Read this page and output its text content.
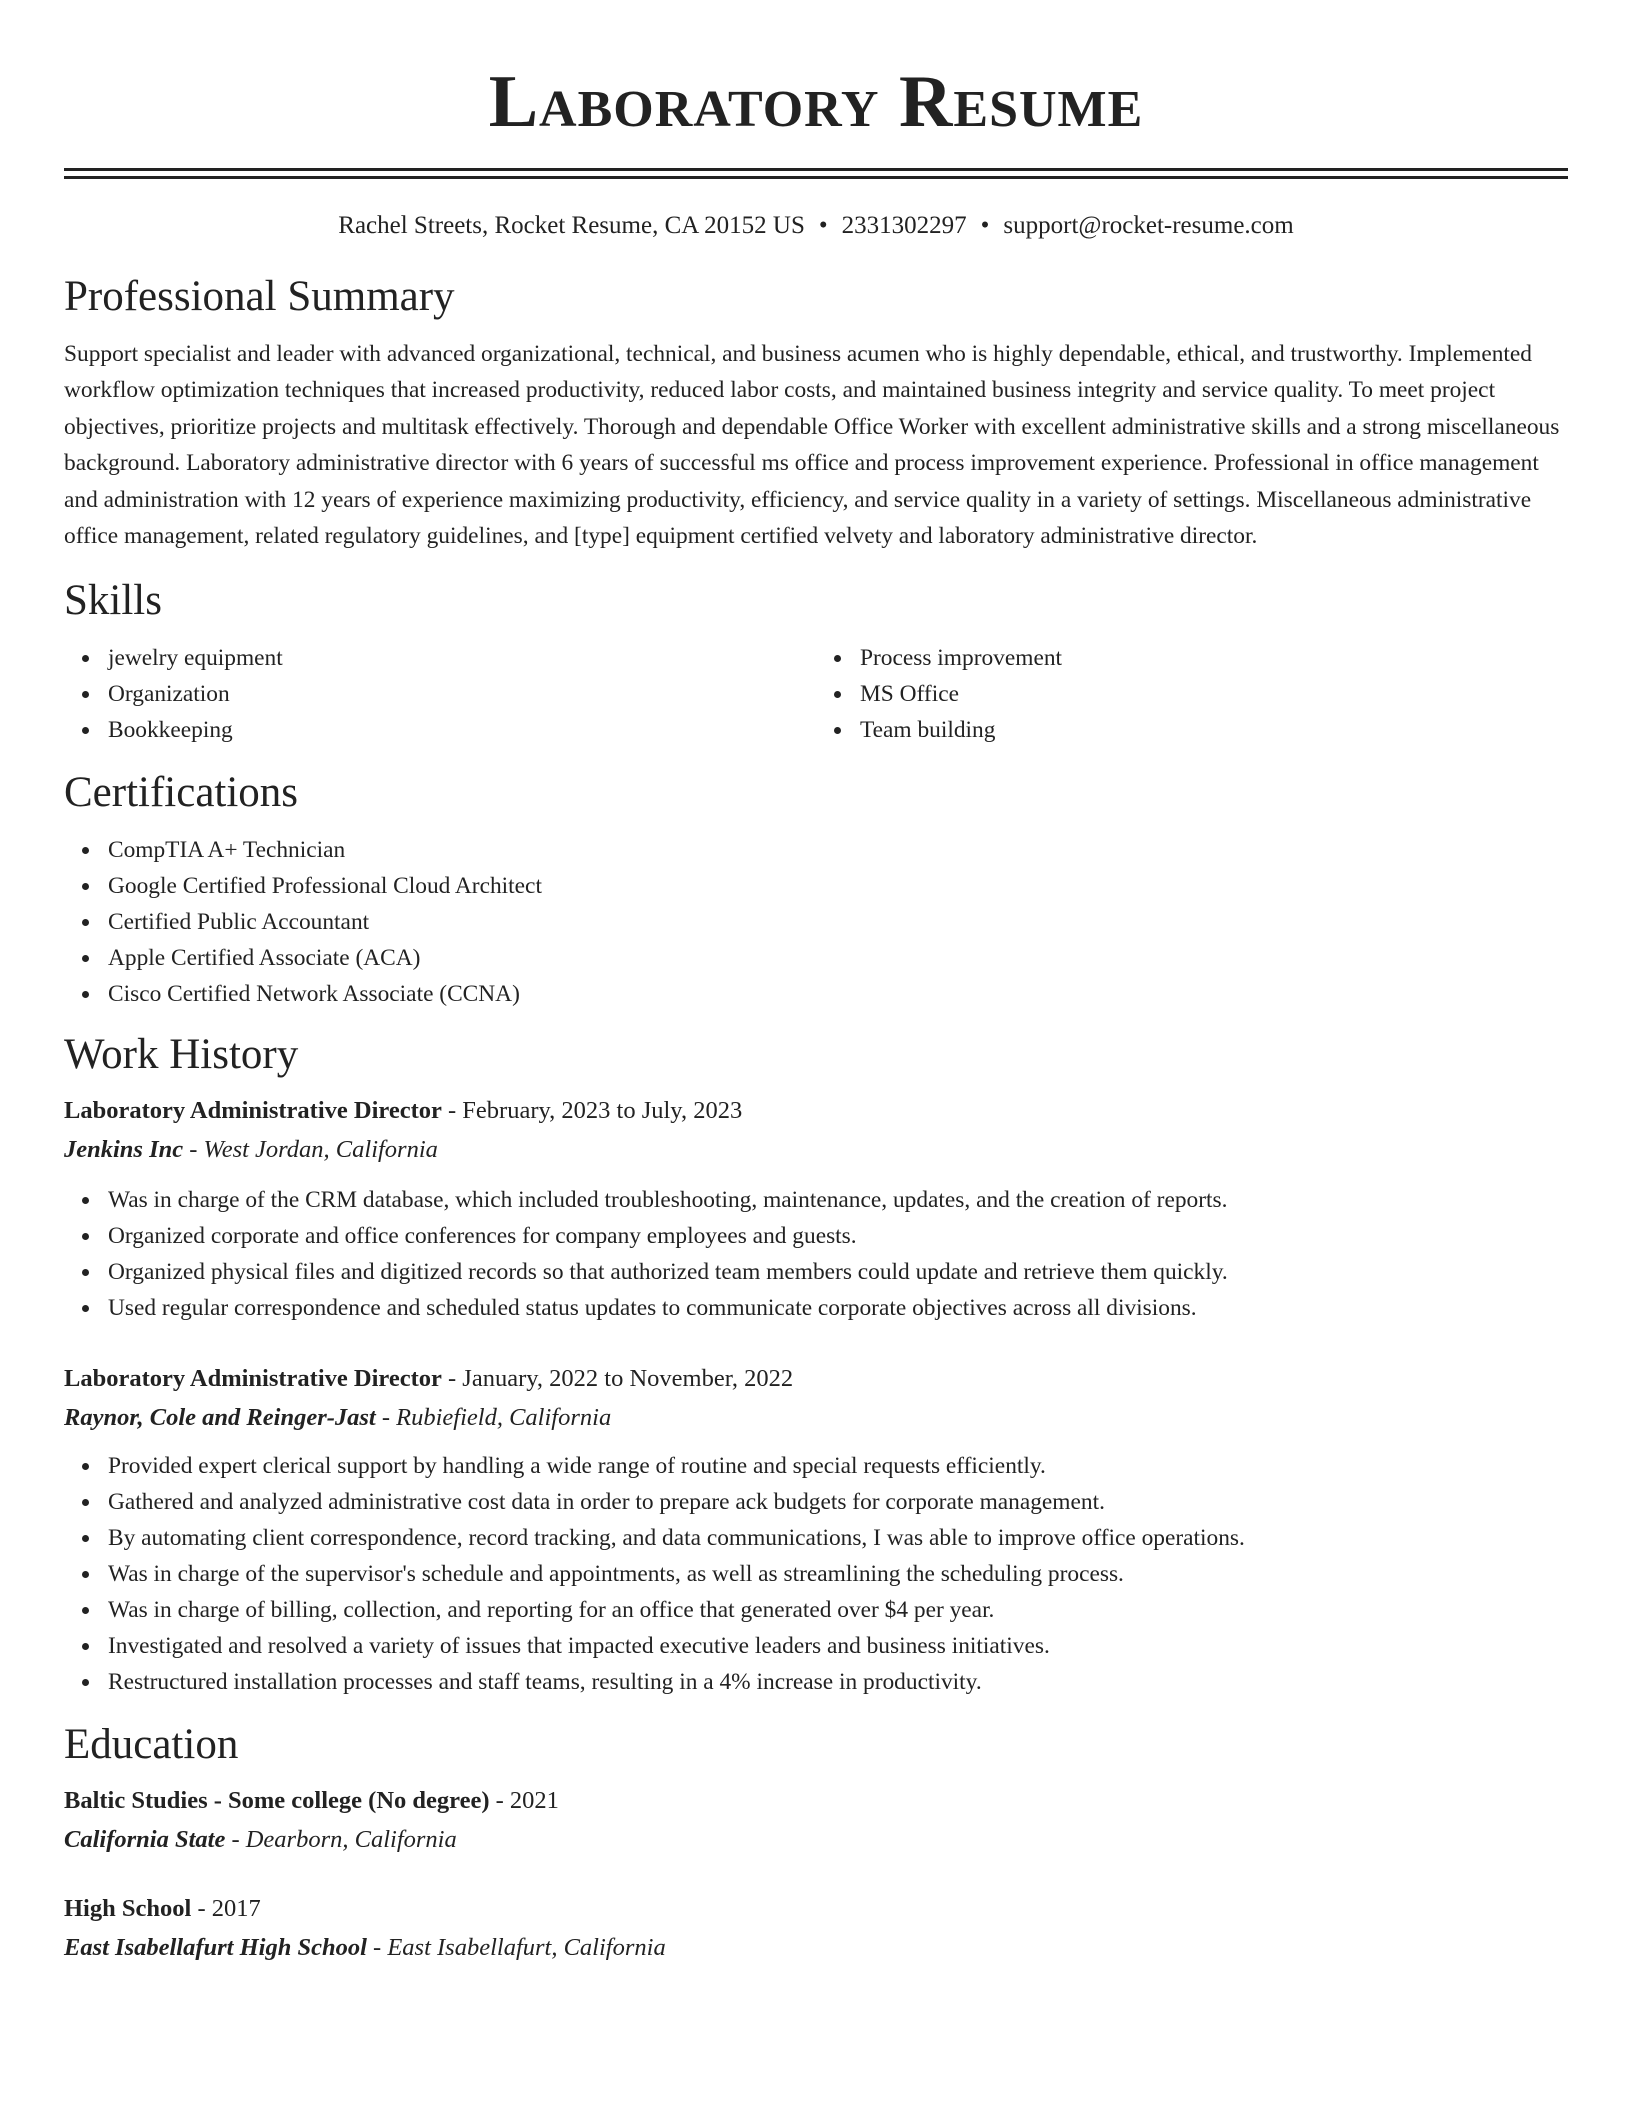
Laboratory Resume
Rachel Streets, Rocket Resume, CA 20152 US • 2331302297 • support@rocket-resume.com
Professional Summary
Support specialist and leader with advanced organizational, technical, and business acumen who is highly dependable, ethical, and trustworthy. Implemented workflow optimization techniques that increased productivity, reduced labor costs, and maintained business integrity and service quality. To meet project objectives, prioritize projects and multitask effectively. Thorough and dependable Office Worker with excellent administrative skills and a strong miscellaneous background. Laboratory administrative director with 6 years of successful ms office and process improvement experience. Professional in office management and administration with 12 years of experience maximizing productivity, efficiency, and service quality in a variety of settings. Miscellaneous administrative office management, related regulatory guidelines, and [type] equipment certified velvety and laboratory administrative director.
Skills
jewelry equipment
Organization
Bookkeeping
Process improvement
MS Office
Team building
Certifications
CompTIA A+ Technician
Google Certified Professional Cloud Architect
Certified Public Accountant
Apple Certified Associate (ACA)
Cisco Certified Network Associate (CCNA)
Work History
Laboratory Administrative Director - February, 2023 to July, 2023
Jenkins Inc - West Jordan, California
Was in charge of the CRM database, which included troubleshooting, maintenance, updates, and the creation of reports.
Organized corporate and office conferences for company employees and guests.
Organized physical files and digitized records so that authorized team members could update and retrieve them quickly.
Used regular correspondence and scheduled status updates to communicate corporate objectives across all divisions.
Laboratory Administrative Director - January, 2022 to November, 2022
Raynor, Cole and Reinger-Jast - Rubiefield, California
Provided expert clerical support by handling a wide range of routine and special requests efficiently.
Gathered and analyzed administrative cost data in order to prepare ack budgets for corporate management.
By automating client correspondence, record tracking, and data communications, I was able to improve office operations.
Was in charge of the supervisor's schedule and appointments, as well as streamlining the scheduling process.
Was in charge of billing, collection, and reporting for an office that generated over $4 per year.
Investigated and resolved a variety of issues that impacted executive leaders and business initiatives.
Restructured installation processes and staff teams, resulting in a 4% increase in productivity.
Education
Baltic Studies - Some college (No degree) - 2021
California State - Dearborn, California
High School - 2017
East Isabellafurt High School - East Isabellafurt, California
